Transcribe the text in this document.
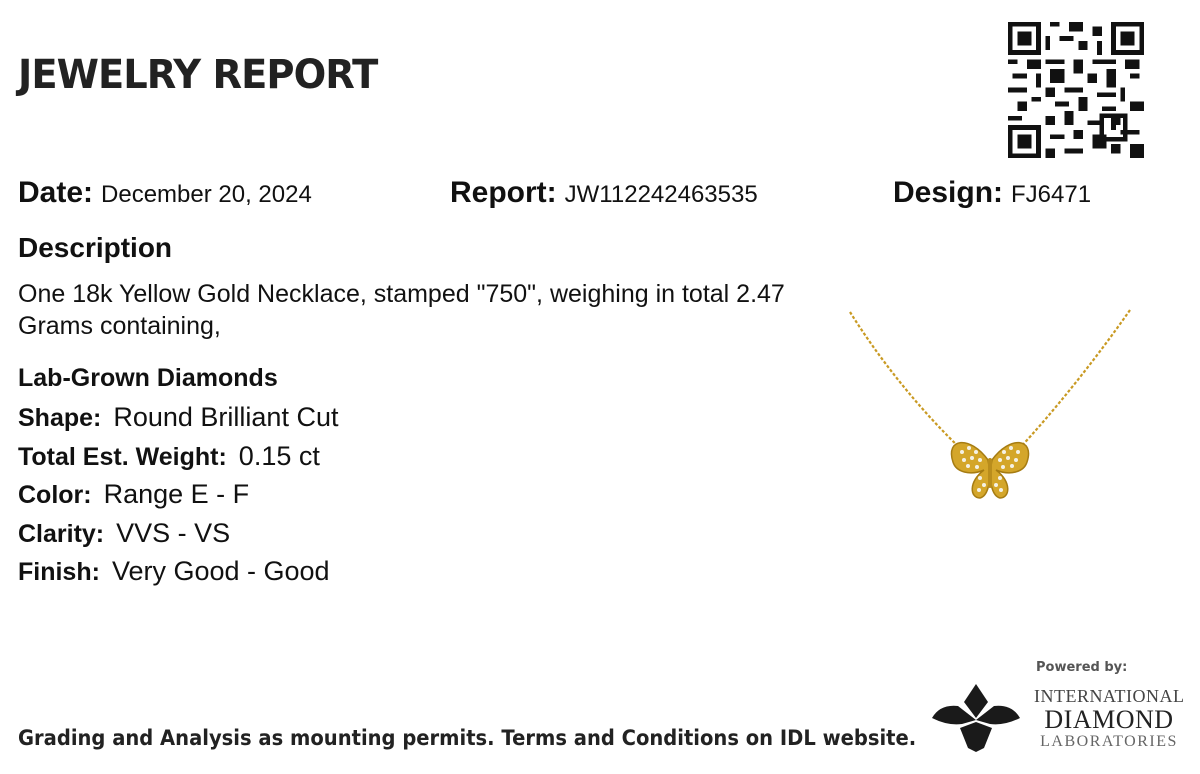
JEWELRY REPORT
Date: December 20, 2024	Report: JW112242463535	Design: FJ6471
Description
One 18k Yellow Gold Necklace, stamped "750", weighing in total 2.47 Grams containing,
Lab-Grown Diamonds
Shape: Round Brilliant Cut
Total Est. Weight: 0.15 ct
Color: Range E - F
Clarity: VVS - VS
Finish: Very Good - Good
Grading and Analysis as mounting permits. Terms and Conditions on IDL website.
Powered by:
INTERNATIONAL
DIAMOND
LABORATORIES
